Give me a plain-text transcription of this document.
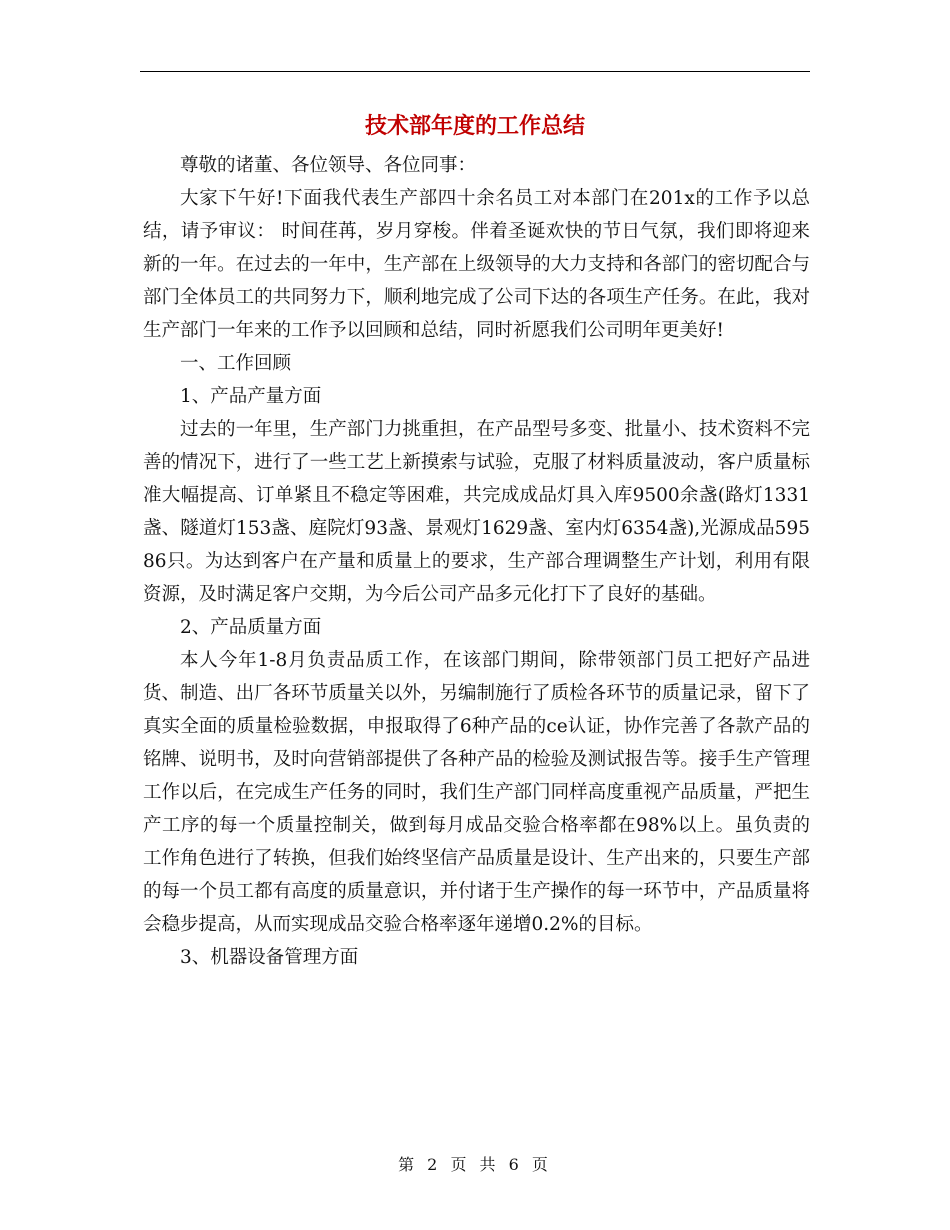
技术部年度的工作总结

尊敬的诸董、各位领导、各位同事：

大家下午好!下面我代表生产部四十余名员工对本部门在201x的工作予以总结，请予审议： 时间荏苒，岁月穿梭。伴着圣诞欢快的节日气氛，我们即将迎来新的一年。在过去的一年中，生产部在上级领导的大力支持和各部门的密切配合与部门全体员工的共同努力下，顺利地完成了公司下达的各项生产任务。在此，我对生产部门一年来的工作予以回顾和总结，同时祈愿我们公司明年更美好!

一、工作回顾

1、产品产量方面

过去的一年里，生产部门力挑重担，在产品型号多变、批量小、技术资料不完善的情况下，进行了一些工艺上新摸索与试验，克服了材料质量波动，客户质量标准大幅提高、订单紧且不稳定等困难，共完成成品灯具入库9500余盏(路灯1331盏、隧道灯153盏、庭院灯93盏、景观灯1629盏、室内灯6354盏),光源成品59586只。为达到客户在产量和质量上的要求，生产部合理调整生产计划，利用有限资源，及时满足客户交期，为今后公司产品多元化打下了良好的基础。

2、产品质量方面

本人今年1-8月负责品质工作，在该部门期间，除带领部门员工把好产品进货、制造、出厂各环节质量关以外，另编制施行了质检各环节的质量记录，留下了真实全面的质量检验数据，申报取得了6种产品的ce认证，协作完善了各款产品的铭牌、说明书，及时向营销部提供了各种产品的检验及测试报告等。接手生产管理工作以后，在完成生产任务的同时，我们生产部门同样高度重视产品质量，严把生产工序的每一个质量控制关，做到每月成品交验合格率都在98%以上。虽负责的工作角色进行了转换，但我们始终坚信产品质量是设计、生产出来的，只要生产部的每一个员工都有高度的质量意识，并付诸于生产操作的每一环节中，产品质量将会稳步提高，从而实现成品交验合格率逐年递增0.2%的目标。

3、机器设备管理方面

第 2 页 共 6 页
